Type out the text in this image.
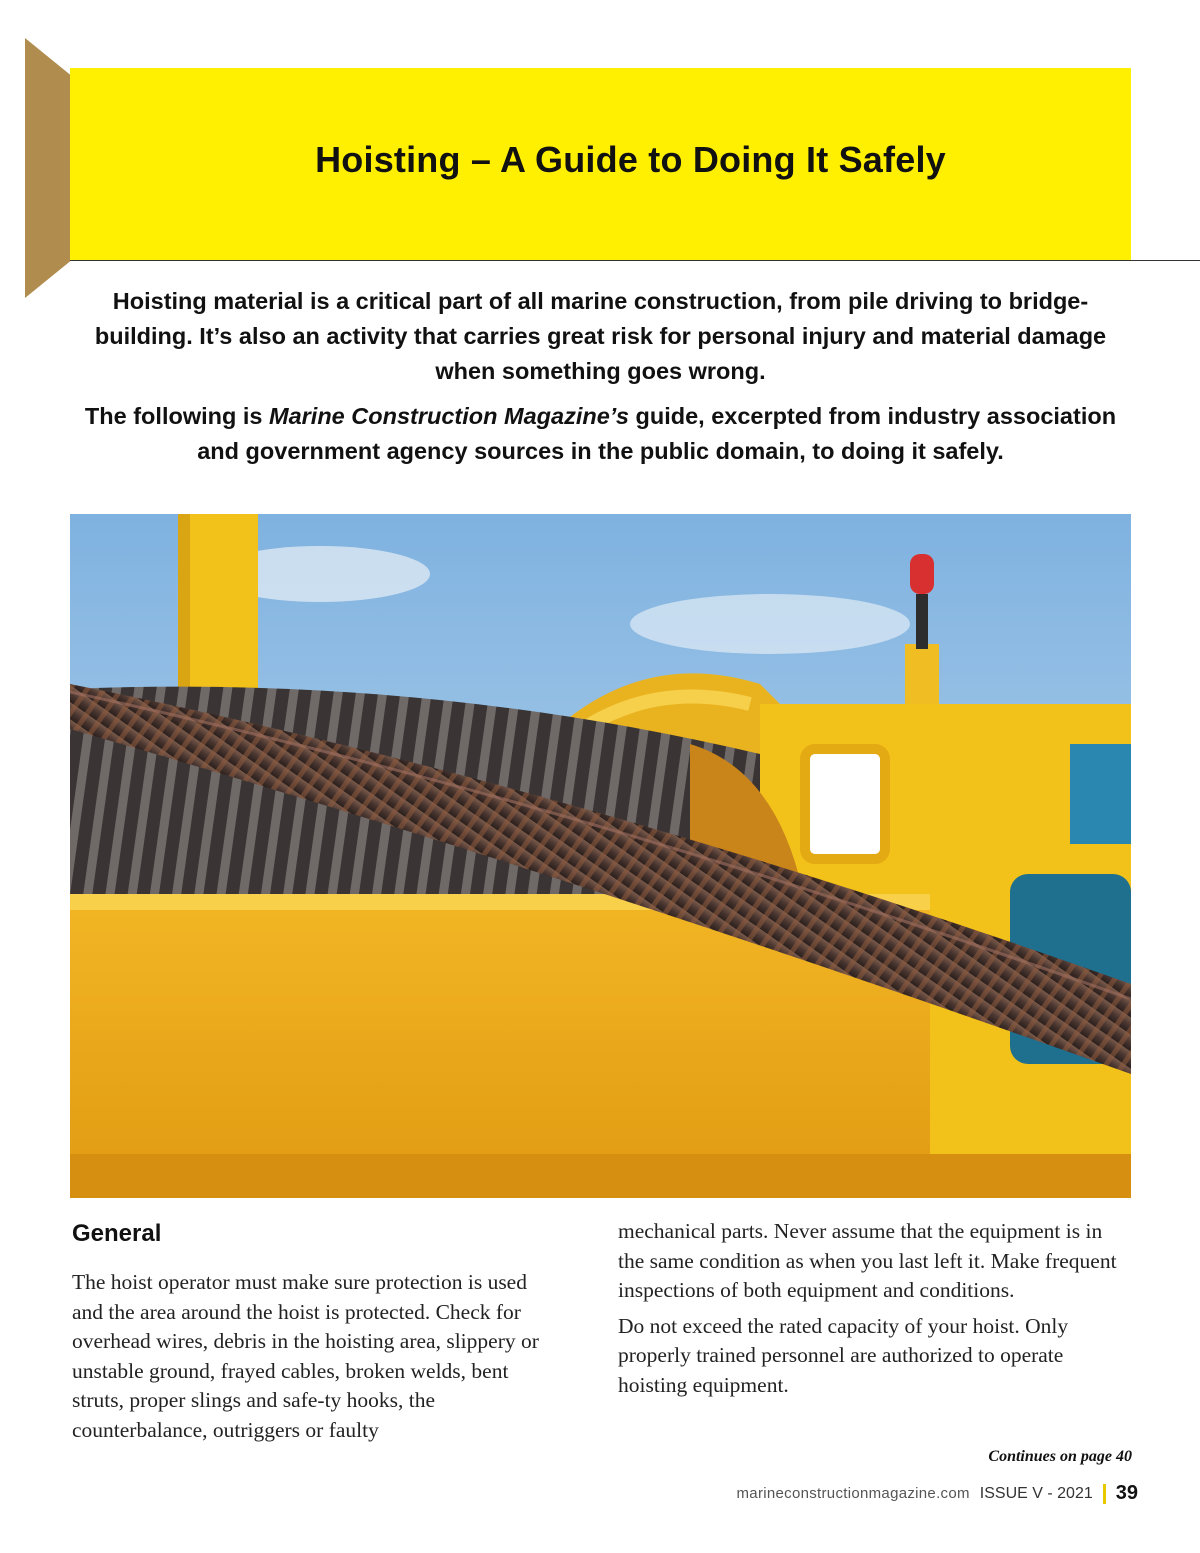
Hoisting – A Guide to Doing It Safely

Hoisting material is a critical part of all marine construction, from pile driving to bridge-building. It’s also an activity that carries great risk for personal injury and material damage when something goes wrong.

The following is Marine Construction Magazine’s guide, excerpted from industry association and government agency sources in the public domain, to doing it safely.

General

The hoist operator must make sure protection is used and the area around the hoist is protected. Check for overhead wires, debris in the hoisting area, slippery or unstable ground, frayed cables, broken welds, bent struts, proper slings and safe-ty hooks, the counterbalance, outriggers or faulty

mechanical parts. Never assume that the equipment is in the same condition as when you last left it. Make frequent inspections of both equipment and conditions.

Do not exceed the rated capacity of your hoist. Only properly trained personnel are authorized to operate hoisting equipment.

Continues on page 40
marineconstructionmagazine.com ISSUE V - 2021 39
